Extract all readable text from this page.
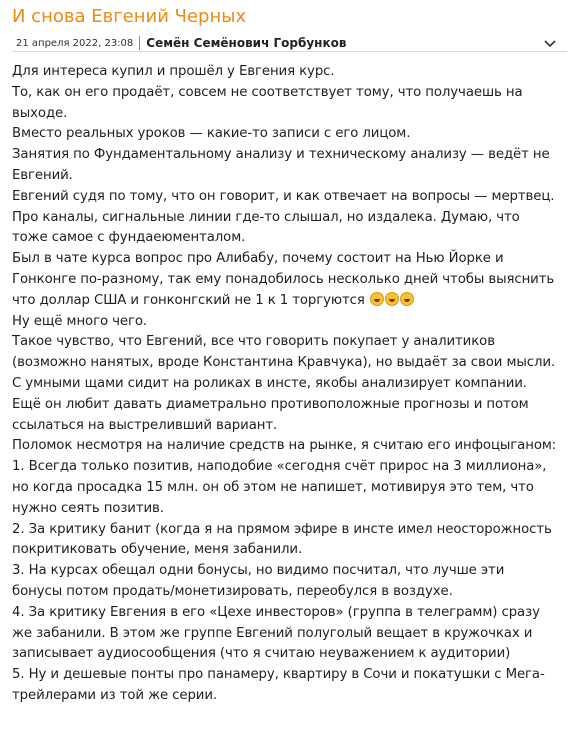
И снова Евгений Черных
21 апреля 2022, 23:08 Семён Семёнович Горбунков

Для интереса купил и прошёл у Евгения курс.

То, как он его продаёт, совсем не соответствует тому, что получаешь на

выходе.

Вместо реальных уроков — какие-то записи с его лицом.

Занятия по Фундаментальному анализу и техническому анализу — ведёт не

Евгений.

Евгений судя по тому, что он говорит, и как отвечает на вопросы — мертвец.

Про каналы, сигнальные линии где-то слышал, но издалека. Думаю, что

тоже самое с фундаеюменталом.

Был в чате курса вопрос про Алибабу, почему состоит на Нью Йорке и

Гонконге по-разному, так ему понадобилось несколько дней чтобы выяснить

что доллар США и гонконгский не 1 к 1 торгуются

Ну ещё много чего.

Такое чувство, что Евгений, все что говорить покупает у аналитиков

(возможно нанятых, вроде Константина Кравчука), но выдаёт за свои мысли.

С умными щами сидит на роликах в инсте, якобы анализирует компании.

Ещё он любит давать диаметрально противоположные прогнозы и потом

ссылаться на выстреливший вариант.

Поломок несмотря на наличие средств на рынке, я считаю его инфоцыганом:

1. Всегда только позитив, наподобие «сегодня счёт прирос на 3 миллиона»,

но когда просадка 15 млн. он об этом не напишет, мотивируя это тем, что

нужно сеять позитив.

2. За критику банит (когда я на прямом эфире в инсте имел неосторожность

покритиковать обучение, меня забанили.

3. На курсах обещал одни бонусы, но видимо посчитал, что лучше эти

бонусы потом продать/монетизировать, переобулся в воздухе.

4. За критику Евгения в его «Цехе инвесторов» (группа в телеграмм) сразу

же забанили. В этом же группе Евгений полуголый вещает в кружочках и

записывает аудиосообщения (что я считаю неуважением к аудитории)

5. Ну и дешевые понты про панамеру, квартиру в Сочи и покатушки с Мега-

трейлерами из той же серии.
